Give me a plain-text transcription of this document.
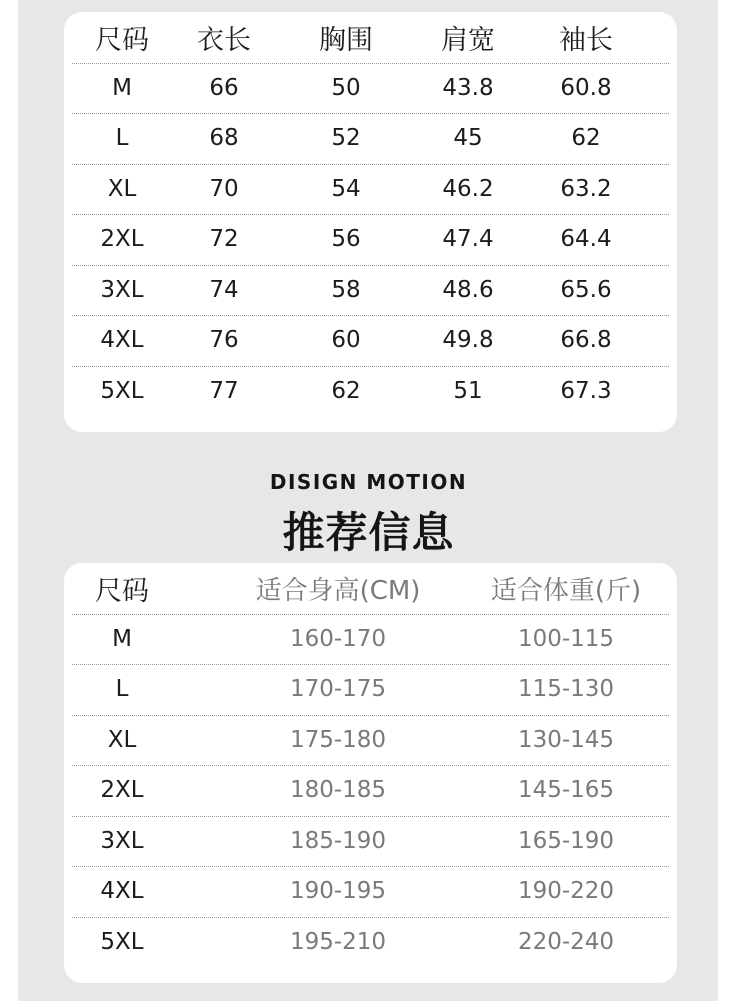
尺码	衣长	胸围	肩宽	袖长
M	66	50	43.8	60.8
L	68	52	45	62
XL	70	54	46.2	63.2
2XL	72	56	47.4	64.4
3XL	74	58	48.6	65.6
4XL	76	60	49.8	66.8
5XL	77	62	51	67.3
尺码	适合身高(CM)	适合体重(斤)
M	160-170	100-115
L	170-175	115-130
XL	175-180	130-145
2XL	180-185	145-165
3XL	185-190	165-190
4XL	190-195	190-220
5XL	195-210	220-240
DISIGN MOTION
推荐信息
